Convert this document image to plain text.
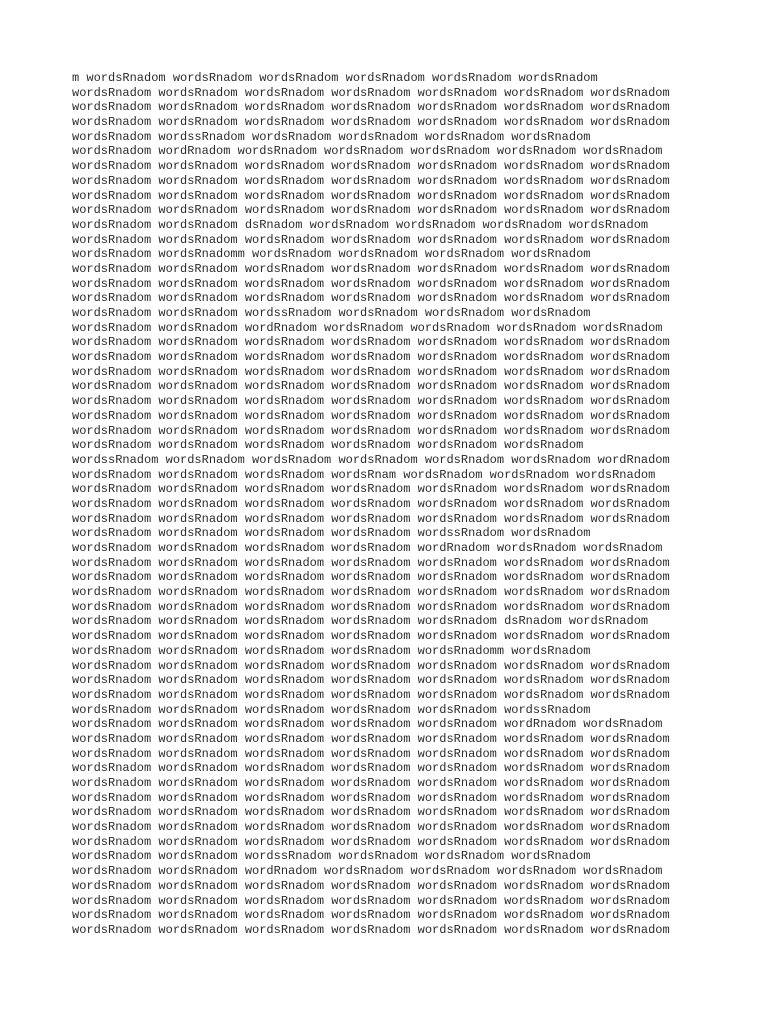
m wordsRnadom wordsRnadom wordsRnadom wordsRnadom wordsRnadom wordsRnadom
wordsRnadom wordsRnadom wordsRnadom wordsRnadom wordsRnadom wordsRnadom wordsRnadom
wordsRnadom wordsRnadom wordsRnadom wordsRnadom wordsRnadom wordsRnadom wordsRnadom
wordsRnadom wordsRnadom wordsRnadom wordsRnadom wordsRnadom wordsRnadom wordsRnadom
wordsRnadom wordssRnadom wordsRnadom wordsRnadom wordsRnadom wordsRnadom
wordsRnadom wordRnadom wordsRnadom wordsRnadom wordsRnadom wordsRnadom wordsRnadom
wordsRnadom wordsRnadom wordsRnadom wordsRnadom wordsRnadom wordsRnadom wordsRnadom
wordsRnadom wordsRnadom wordsRnadom wordsRnadom wordsRnadom wordsRnadom wordsRnadom
wordsRnadom wordsRnadom wordsRnadom wordsRnadom wordsRnadom wordsRnadom wordsRnadom
wordsRnadom wordsRnadom wordsRnadom wordsRnadom wordsRnadom wordsRnadom wordsRnadom
wordsRnadom wordsRnadom dsRnadom wordsRnadom wordsRnadom wordsRnadom wordsRnadom
wordsRnadom wordsRnadom wordsRnadom wordsRnadom wordsRnadom wordsRnadom wordsRnadom
wordsRnadom wordsRnadomm wordsRnadom wordsRnadom wordsRnadom wordsRnadom
wordsRnadom wordsRnadom wordsRnadom wordsRnadom wordsRnadom wordsRnadom wordsRnadom
wordsRnadom wordsRnadom wordsRnadom wordsRnadom wordsRnadom wordsRnadom wordsRnadom
wordsRnadom wordsRnadom wordsRnadom wordsRnadom wordsRnadom wordsRnadom wordsRnadom
wordsRnadom wordsRnadom wordssRnadom wordsRnadom wordsRnadom wordsRnadom
wordsRnadom wordsRnadom wordRnadom wordsRnadom wordsRnadom wordsRnadom wordsRnadom
wordsRnadom wordsRnadom wordsRnadom wordsRnadom wordsRnadom wordsRnadom wordsRnadom
wordsRnadom wordsRnadom wordsRnadom wordsRnadom wordsRnadom wordsRnadom wordsRnadom
wordsRnadom wordsRnadom wordsRnadom wordsRnadom wordsRnadom wordsRnadom wordsRnadom
wordsRnadom wordsRnadom wordsRnadom wordsRnadom wordsRnadom wordsRnadom wordsRnadom
wordsRnadom wordsRnadom wordsRnadom wordsRnadom wordsRnadom wordsRnadom wordsRnadom
wordsRnadom wordsRnadom wordsRnadom wordsRnadom wordsRnadom wordsRnadom wordsRnadom
wordsRnadom wordsRnadom wordsRnadom wordsRnadom wordsRnadom wordsRnadom wordsRnadom
wordsRnadom wordsRnadom wordsRnadom wordsRnadom wordsRnadom wordsRnadom
wordssRnadom wordsRnadom wordsRnadom wordsRnadom wordsRnadom wordsRnadom wordRnadom
wordsRnadom wordsRnadom wordsRnadom wordsRnam wordsRnadom wordsRnadom wordsRnadom
wordsRnadom wordsRnadom wordsRnadom wordsRnadom wordsRnadom wordsRnadom wordsRnadom
wordsRnadom wordsRnadom wordsRnadom wordsRnadom wordsRnadom wordsRnadom wordsRnadom
wordsRnadom wordsRnadom wordsRnadom wordsRnadom wordsRnadom wordsRnadom wordsRnadom
wordsRnadom wordsRnadom wordsRnadom wordsRnadom wordssRnadom wordsRnadom
wordsRnadom wordsRnadom wordsRnadom wordsRnadom wordRnadom wordsRnadom wordsRnadom
wordsRnadom wordsRnadom wordsRnadom wordsRnadom wordsRnadom wordsRnadom wordsRnadom
wordsRnadom wordsRnadom wordsRnadom wordsRnadom wordsRnadom wordsRnadom wordsRnadom
wordsRnadom wordsRnadom wordsRnadom wordsRnadom wordsRnadom wordsRnadom wordsRnadom
wordsRnadom wordsRnadom wordsRnadom wordsRnadom wordsRnadom wordsRnadom wordsRnadom
wordsRnadom wordsRnadom wordsRnadom wordsRnadom wordsRnadom dsRnadom wordsRnadom
wordsRnadom wordsRnadom wordsRnadom wordsRnadom wordsRnadom wordsRnadom wordsRnadom
wordsRnadom wordsRnadom wordsRnadom wordsRnadom wordsRnadomm wordsRnadom
wordsRnadom wordsRnadom wordsRnadom wordsRnadom wordsRnadom wordsRnadom wordsRnadom
wordsRnadom wordsRnadom wordsRnadom wordsRnadom wordsRnadom wordsRnadom wordsRnadom
wordsRnadom wordsRnadom wordsRnadom wordsRnadom wordsRnadom wordsRnadom wordsRnadom
wordsRnadom wordsRnadom wordsRnadom wordsRnadom wordsRnadom wordssRnadom
wordsRnadom wordsRnadom wordsRnadom wordsRnadom wordsRnadom wordRnadom wordsRnadom
wordsRnadom wordsRnadom wordsRnadom wordsRnadom wordsRnadom wordsRnadom wordsRnadom
wordsRnadom wordsRnadom wordsRnadom wordsRnadom wordsRnadom wordsRnadom wordsRnadom
wordsRnadom wordsRnadom wordsRnadom wordsRnadom wordsRnadom wordsRnadom wordsRnadom
wordsRnadom wordsRnadom wordsRnadom wordsRnadom wordsRnadom wordsRnadom wordsRnadom
wordsRnadom wordsRnadom wordsRnadom wordsRnadom wordsRnadom wordsRnadom wordsRnadom
wordsRnadom wordsRnadom wordsRnadom wordsRnadom wordsRnadom wordsRnadom wordsRnadom
wordsRnadom wordsRnadom wordsRnadom wordsRnadom wordsRnadom wordsRnadom wordsRnadom
wordsRnadom wordsRnadom wordsRnadom wordsRnadom wordsRnadom wordsRnadom wordsRnadom
wordsRnadom wordsRnadom wordssRnadom wordsRnadom wordsRnadom wordsRnadom
wordsRnadom wordsRnadom wordRnadom wordsRnadom wordsRnadom wordsRnadom wordsRnadom
wordsRnadom wordsRnadom wordsRnadom wordsRnadom wordsRnadom wordsRnadom wordsRnadom
wordsRnadom wordsRnadom wordsRnadom wordsRnadom wordsRnadom wordsRnadom wordsRnadom
wordsRnadom wordsRnadom wordsRnadom wordsRnadom wordsRnadom wordsRnadom wordsRnadom
wordsRnadom wordsRnadom wordsRnadom wordsRnadom wordsRnadom wordsRnadom wordsRnadom
